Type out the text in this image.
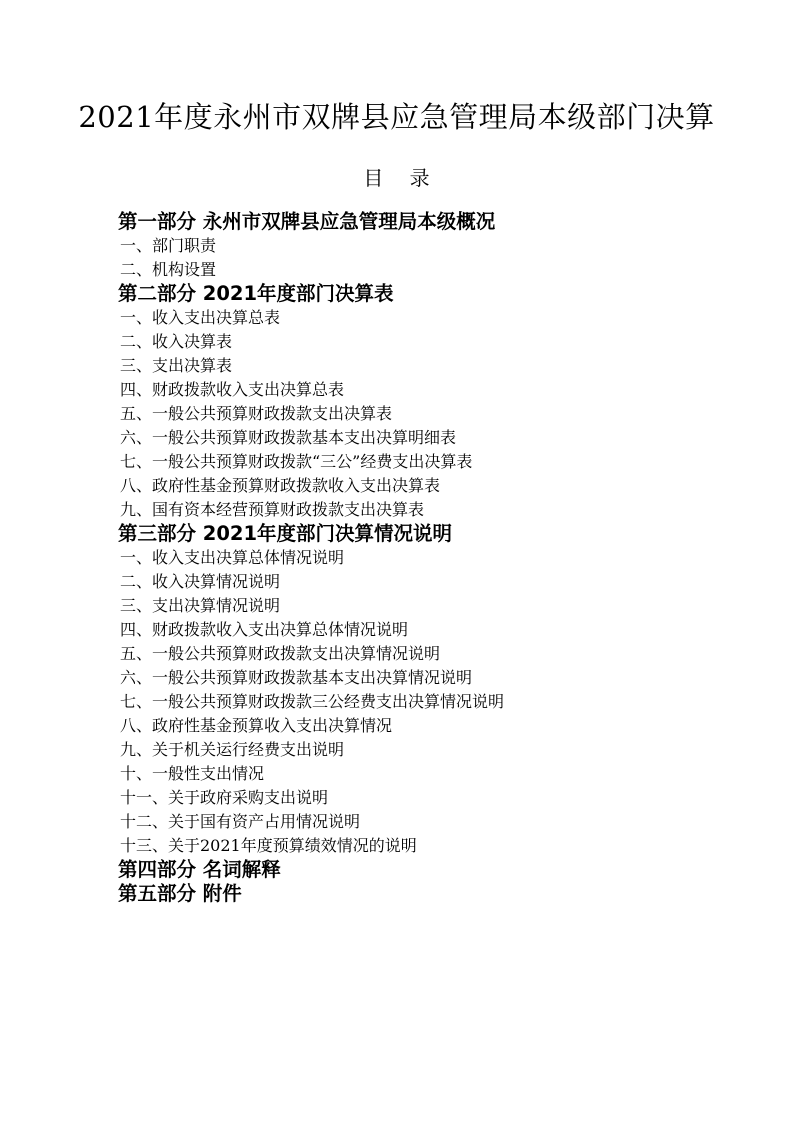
2021年度永州市双牌县应急管理局本级部门决算
目 录
第一部分 永州市双牌县应急管理局本级概况
一、部门职责
二、机构设置
第二部分 2021年度部门决算表
一、收入支出决算总表
二、收入决算表
三、支出决算表
四、财政拨款收入支出决算总表
五、一般公共预算财政拨款支出决算表
六、一般公共预算财政拨款基本支出决算明细表
七、一般公共预算财政拨款“三公”经费支出决算表
八、政府性基金预算财政拨款收入支出决算表
九、国有资本经营预算财政拨款支出决算表
第三部分 2021年度部门决算情况说明
一、收入支出决算总体情况说明
二、收入决算情况说明
三、支出决算情况说明
四、财政拨款收入支出决算总体情况说明
五、一般公共预算财政拨款支出决算情况说明
六、一般公共预算财政拨款基本支出决算情况说明
七、一般公共预算财政拨款三公经费支出决算情况说明
八、政府性基金预算收入支出决算情况
九、关于机关运行经费支出说明
十、一般性支出情况
十一、关于政府采购支出说明
十二、关于国有资产占用情况说明
十三、关于2021年度预算绩效情况的说明
第四部分 名词解释
第五部分 附件
